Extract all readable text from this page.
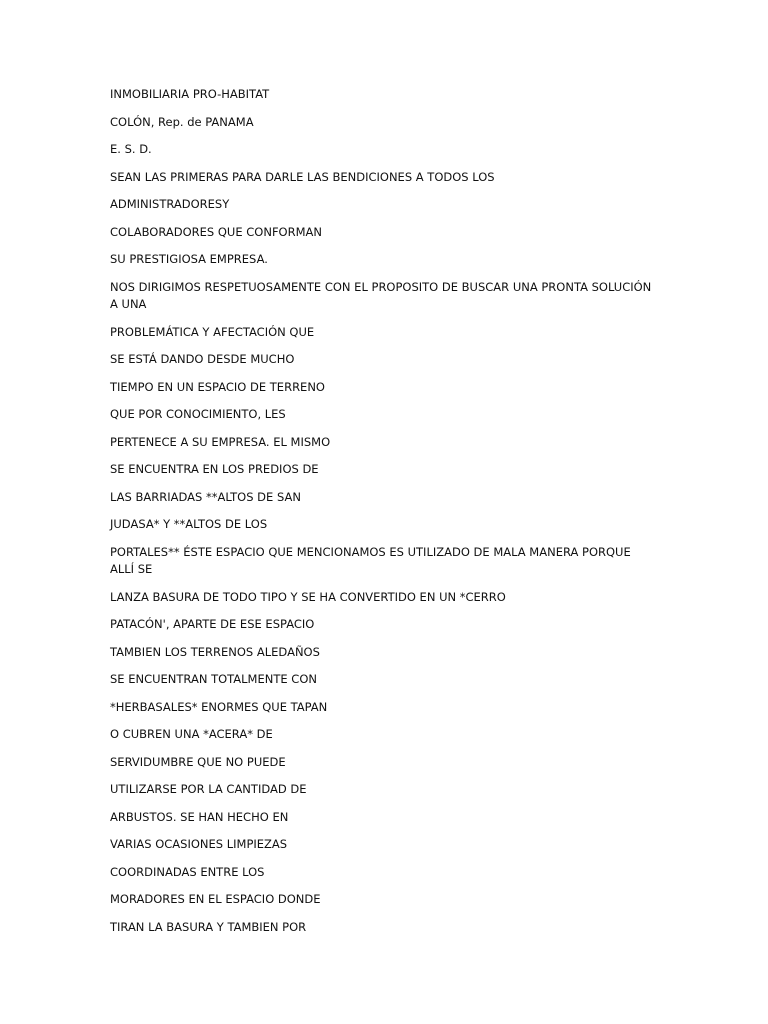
INMOBILIARIA PRO-HABITAT

COLÓN, Rep. de PANAMA

E. S. D.

SEAN LAS PRIMERAS PARA DARLE LAS BENDICIONES A TODOS LOS

ADMINISTRADORESY

COLABORADORES QUE CONFORMAN

SU PRESTIGIOSA EMPRESA.

NOS DIRIGIMOS RESPETUOSAMENTE CON EL PROPOSITO DE BUSCAR UNA PRONTA SOLUCIÓN A UNA

PROBLEMÁTICA Y AFECTACIÓN QUE

SE ESTÁ DANDO DESDE MUCHO

TIEMPO EN UN ESPACIO DE TERRENO

QUE POR CONOCIMIENTO, LES

PERTENECE A SU EMPRESA. EL MISMO

SE ENCUENTRA EN LOS PREDIOS DE

LAS BARRIADAS **ALTOS DE SAN

JUDASA* Y **ALTOS DE LOS

PORTALES** ÉSTE ESPACIO QUE MENCIONAMOS ES UTILIZADO DE MALA MANERA PORQUE ALLÍ SE

LANZA BASURA DE TODO TIPO Y SE HA CONVERTIDO EN UN *CERRO

PATACÓN', APARTE DE ESE ESPACIO

TAMBIEN LOS TERRENOS ALEDAÑOS

SE ENCUENTRAN TOTALMENTE CON

*HERBASALES* ENORMES QUE TAPAN

O CUBREN UNA *ACERA* DE

SERVIDUMBRE QUE NO PUEDE

UTILIZARSE POR LA CANTIDAD DE

ARBUSTOS. SE HAN HECHO EN

VARIAS OCASIONES LIMPIEZAS

COORDINADAS ENTRE LOS

MORADORES EN EL ESPACIO DONDE

TIRAN LA BASURA Y TAMBIEN POR
